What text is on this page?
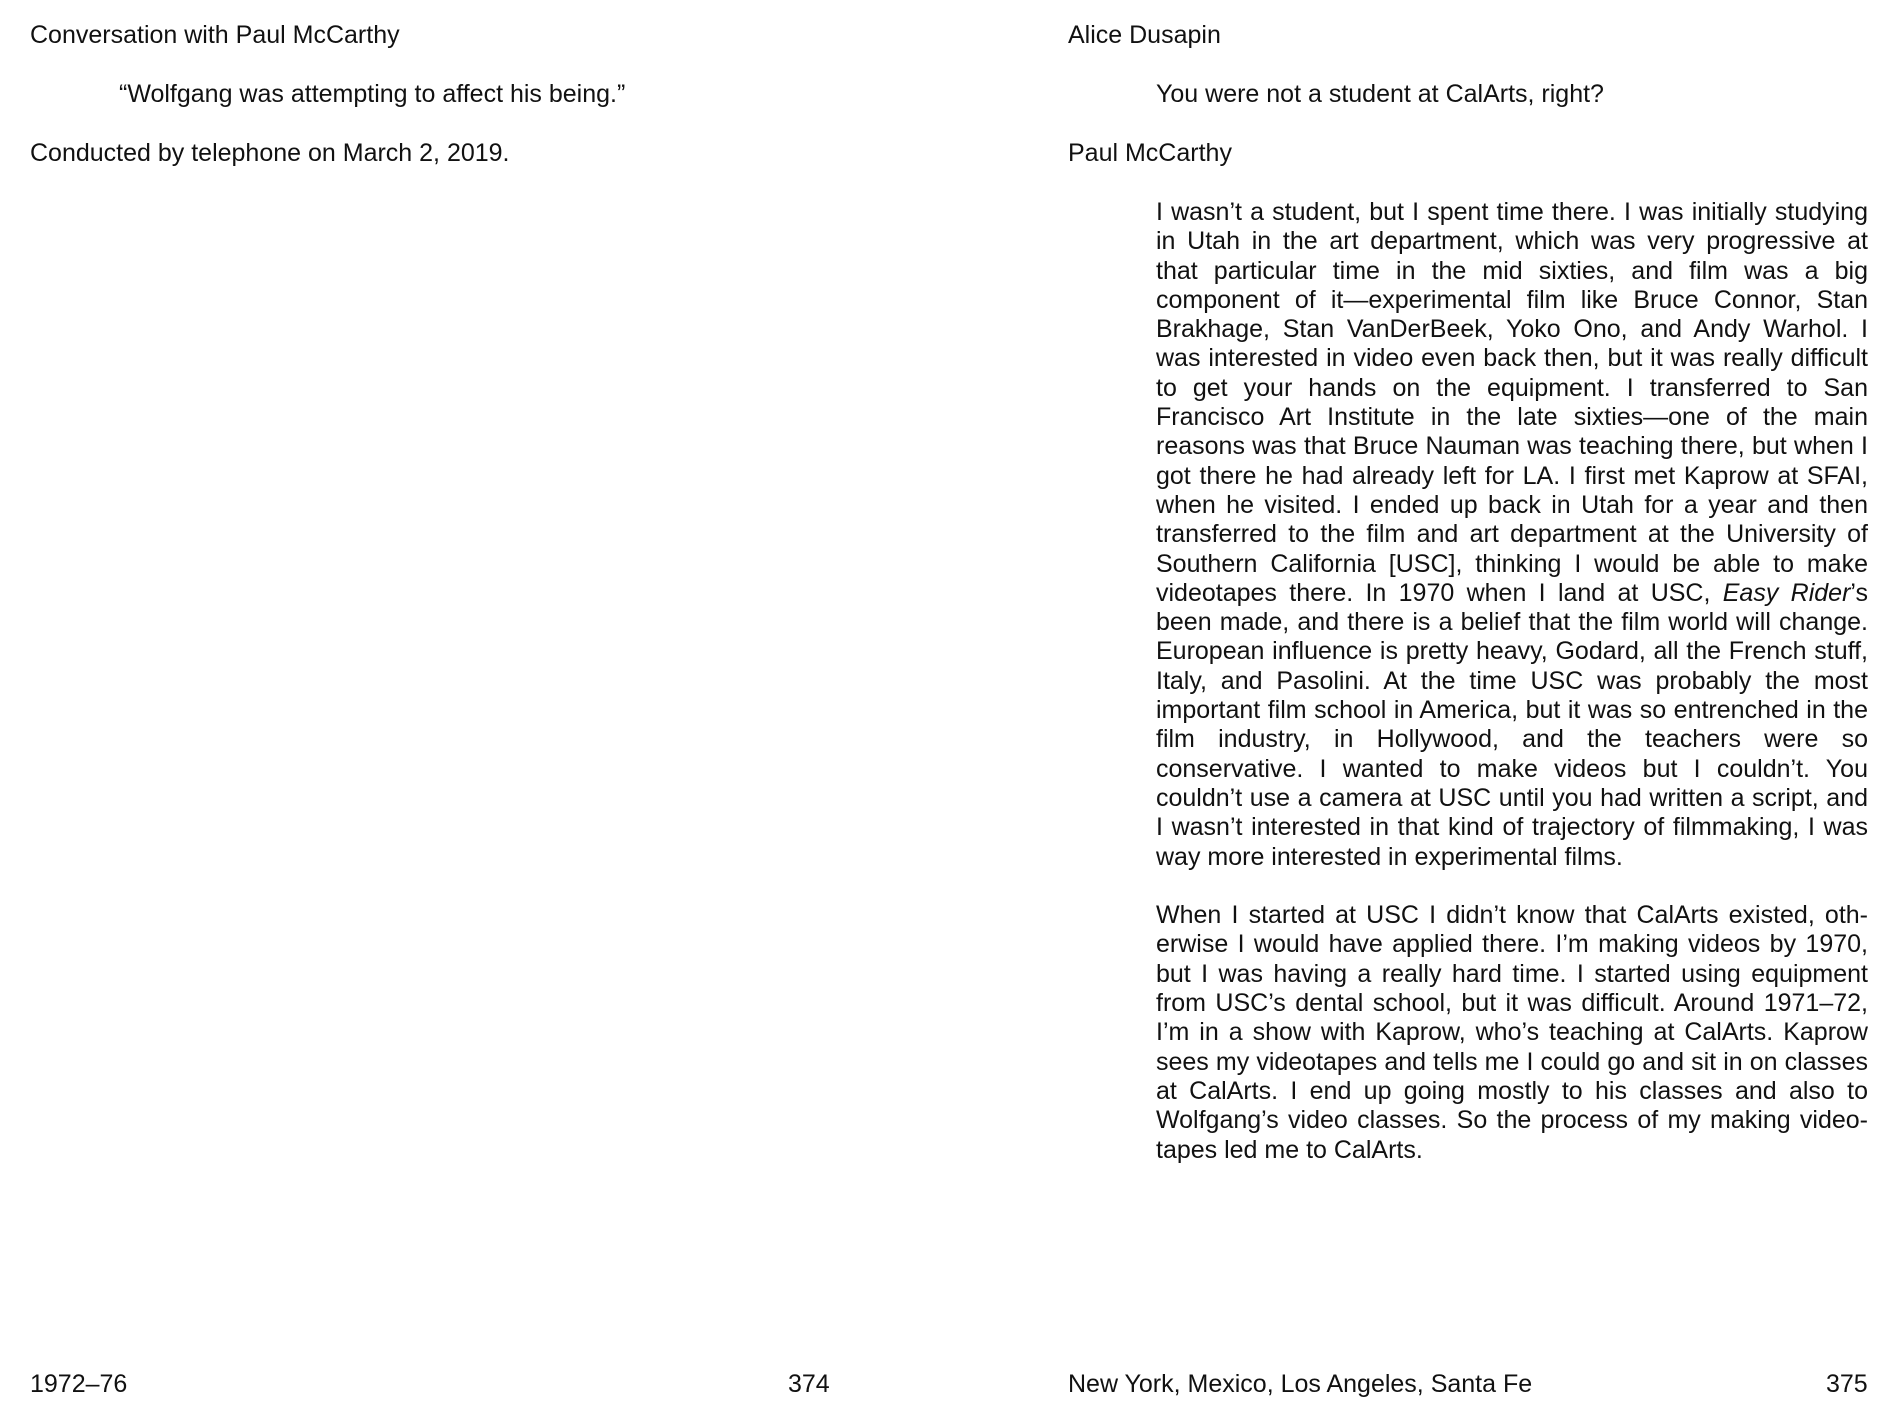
Conversation with Paul McCarthy
“Wolfgang was attempting to affect his being.”
Conducted by telephone on March 2, 2019.
1972–76	374
Alice Dusapin
You were not a student at CalArts, right?
Paul McCarthy

I wasn’t a student, but I spent time there. I was initially studying in Utah in the art department, which was very progressive at that particular time in the mid sixties, and film was a big component of it—experimental film like Bruce Connor, Stan Brakhage, Stan VanDerBeek, Yoko Ono, and Andy Warhol. I was interested in video even back then, but it was really difficult to get your hands on the equipment. I transferred to San Francisco Art Institute in the late sixties—one of the main reasons was that Bruce Nauman was teaching there, but when I got there he had already left for LA. I first met Kaprow at SFAI, when he visited. I ended up back in Utah for a year and then transferred to the film and art department at the University of Southern California [USC], thinking I would be able to make videotapes there. In 1970 when I land at USC, Easy Rider’s been made, and there is a belief that the film world will change. European influence is pretty heavy, Godard, all the French stuff, Italy, and Pasolini. At the time USC was probably the most important film school in America, but it was so entrenched in the film industry, in Hollywood, and the teachers were so conservative. I wanted to make videos but I couldn’t. You couldn’t use a camera at USC until you had written a script, and I wasn’t interested in that kind of trajectory of filmmaking, I was way more interested in experimental films.

When I started at USC I didn’t know that CalArts existed, otherwise I would have applied there. I’m making videos by 1970, but I was having a really hard time. I started using equipment from USC’s dental school, but it was difficult. Around 1971–72, I’m in a show with Kaprow, who’s teaching at CalArts. Kaprow sees my videotapes and tells me I could go and sit in on classes at CalArts. I end up going mostly to his classes and also to Wolfgang’s video classes. So the process of my making videotapes led me to CalArts.

New York, Mexico, Los Angeles, Santa Fe	375
